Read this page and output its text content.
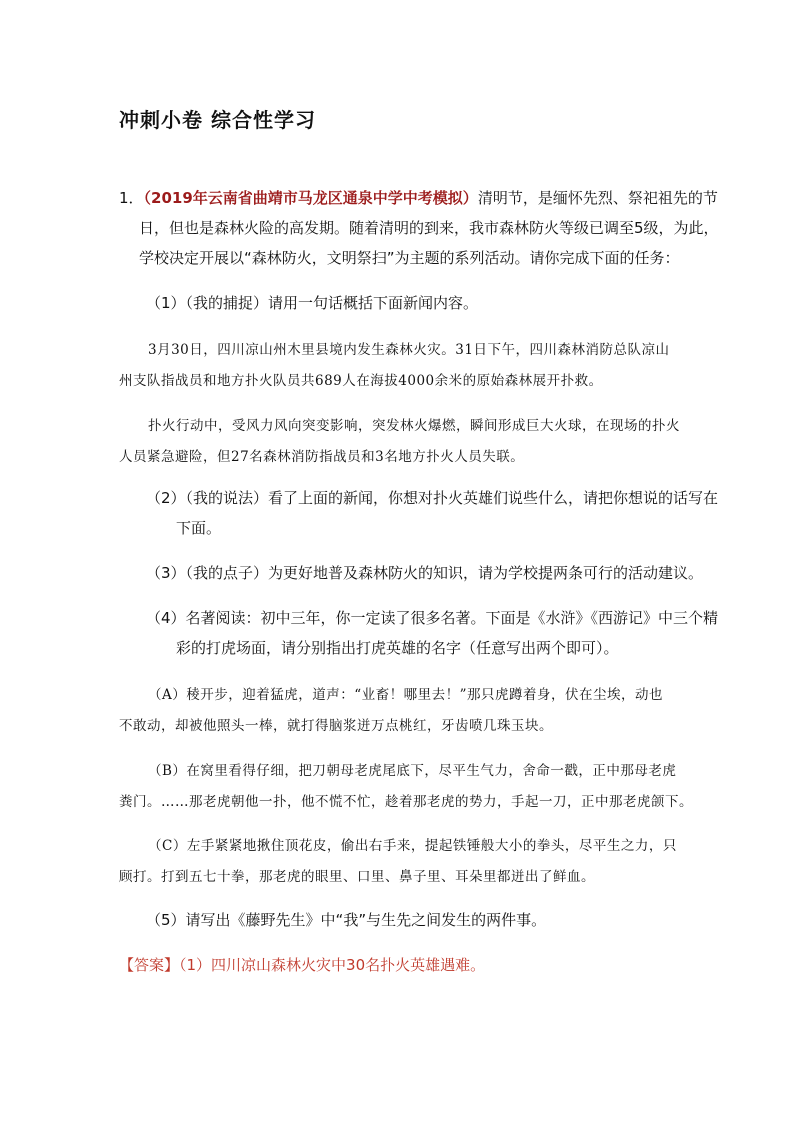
冲刺小卷 综合性学习
1．（2019年云南省曲靖市马龙区通泉中学中考模拟）清明节，是缅怀先烈、祭祀祖先的节
日，但也是森林火险的高发期。随着清明的到来，我市森林防火等级已调至5级，为此，
学校决定开展以“森林防火，文明祭扫”为主题的系列活动。请你完成下面的任务：
（1）（我的捕捉）请用一句话概括下面新闻内容。
3月30日，四川凉山州木里县境内发生森林火灾。31日下午，四川森林消防总队凉山
州支队指战员和地方扑火队员共689人在海拔4000余米的原始森林展开扑救。
扑火行动中，受风力风向突变影响，突发林火爆燃，瞬间形成巨大火球，在现场的扑火
人员紧急避险，但27名森林消防指战员和3名地方扑火人员失联。
（2）（我的说法）看了上面的新闻，你想对扑火英雄们说些什么，请把你想说的话写在
下面。
（3）（我的点子）为更好地普及森林防火的知识，请为学校提两条可行的活动建议。
（4）名著阅读：初中三年，你一定读了很多名著。下面是《水浒》《西游记》中三个精
彩的打虎场面，请分别指出打虎英雄的名字（任意写出两个即可）。
（A）稜开步，迎着猛虎，道声：“业畜！哪里去！”那只虎蹲着身，伏在尘埃，动也
不敢动，却被他照头一棒，就打得脑浆迸万点桃红，牙齿喷几珠玉块。
（B）在窝里看得仔细，把刀朝母老虎尾底下，尽平生气力，舍命一戳，正中那母老虎
粪门。……那老虎朝他一扑，他不慌不忙，趁着那老虎的势力，手起一刀，正中那老虎颌下。
（C）左手紧紧地揪住顶花皮，偷出右手来，提起铁锤般大小的拳头，尽平生之力，只
顾打。打到五七十拳，那老虎的眼里、口里、鼻子里、耳朵里都迸出了鲜血。
（5）请写出《藤野先生》中“我”与生先之间发生的两件事。
【答案】（1）四川凉山森林火灾中30名扑火英雄遇难。
